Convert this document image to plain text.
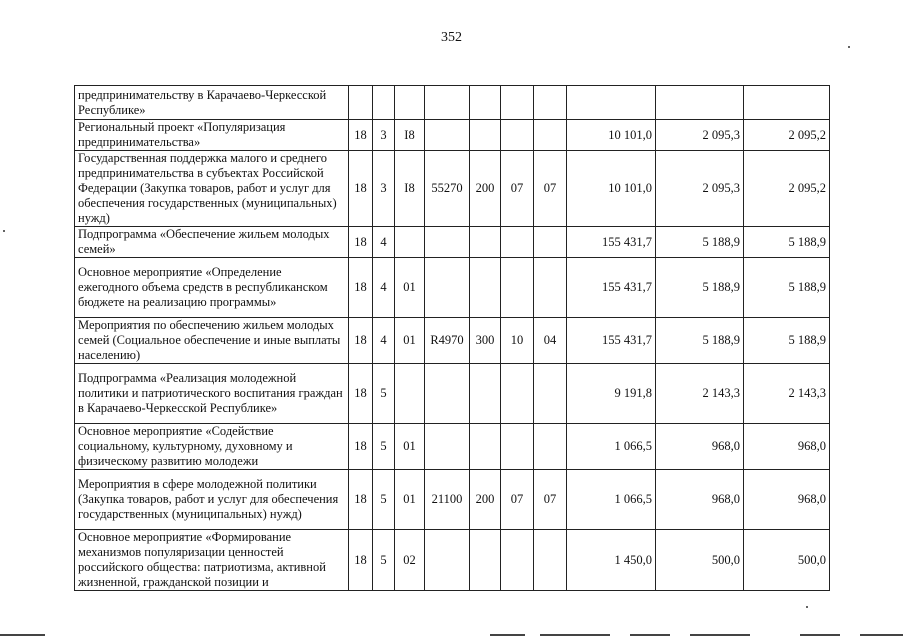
352
предпринимательству в Карачаево-Черкесской Республике»										
Региональный проект «Популяризация предпринимательства»	18	3	I8					10 101,0	2 095,3	2 095,2
Государственная поддержка малого и среднего предпринимательства в субъектах Российской Федерации (Закупка товаров, работ и услуг для обеспечения государственных (муниципальных) нужд)	18	3	I8	55270	200	07	07	10 101,0	2 095,3	2 095,2
Подпрограмма «Обеспечение жильем молодых семей»	18	4						155 431,7	5 188,9	5 188,9
Основное мероприятие «Определение ежегодного объема средств в республиканском бюджете на реализацию программы»	18	4	01					155 431,7	5 188,9	5 188,9
Мероприятия по обеспечению жильем молодых семей (Социальное обеспечение и иные выплаты населению)	18	4	01	R4970	300	10	04	155 431,7	5 188,9	5 188,9
Подпрограмма «Реализация молодежной политики и патриотического воспитания граждан в Карачаево-Черкесской Республике»	18	5						9 191,8	2 143,3	2 143,3
Основное мероприятие «Содействие социальному, культурному, духовному и физическому развитию молодежи	18	5	01					1 066,5	968,0	968,0
Мероприятия в сфере молодежной политики (Закупка товаров, работ и услуг для обеспечения государственных (муниципальных) нужд)	18	5	01	21100	200	07	07	1 066,5	968,0	968,0
Основное мероприятие «Формирование механизмов популяризации ценностей российского общества: патриотизма, активной жизненной, гражданской позиции и	18	5	02					1 450,0	500,0	500,0
